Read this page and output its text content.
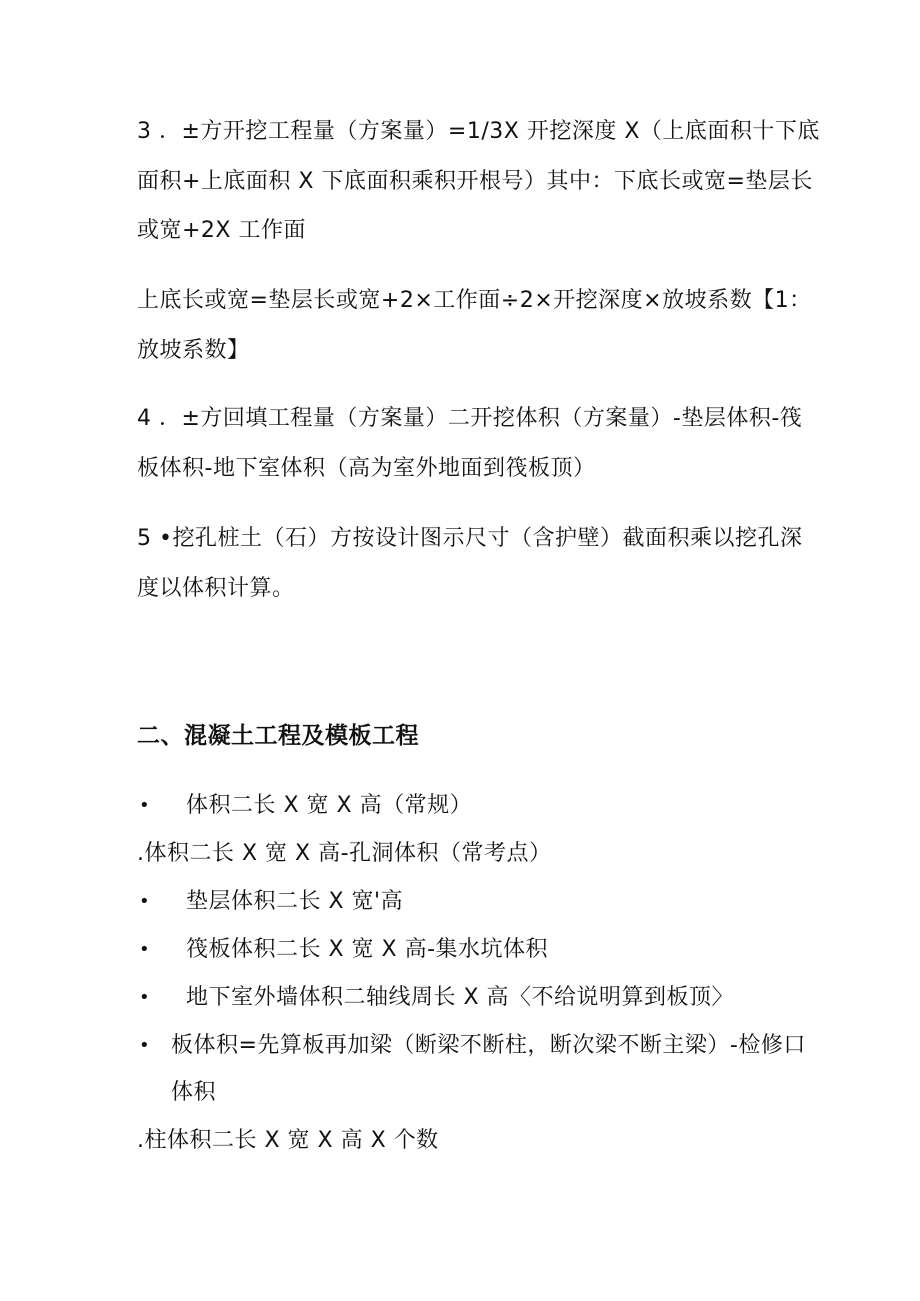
3 ．±方开挖工程量（方案量）=1/3X 开挖深度 X（上底面积十下底

面积+上底面积 X 下底面积乘积开根号）其中：下底长或宽=垫层长

或宽+2X 工作面

上底长或宽=垫层长或宽+2×工作面÷2×开挖深度×放坡系数【1：

放坡系数】

4 ．±方回填工程量（方案量）二开挖体积（方案量）-垫层体积-筏

板体积-地下室体积（高为室外地面到筏板顶）

5 •挖孔桩土（石）方按设计图示尺寸（含护壁）截面积乘以挖孔深

度以体积计算。

二、混凝土工程及模板工程

• 体积二长 X 宽 X 高（常规）

.体积二长 X 宽 X 高-孔洞体积（常考点）

• 垫层体积二长 X 宽'高

• 筏板体积二长 X 宽 X 高-集水坑体积

• 地下室外墙体积二轴线周长 X 高〈不给说明算到板顶〉

• 板体积=先算板再加梁（断梁不断柱，断次梁不断主梁）-检修口

体积

.柱体积二长 X 宽 X 高 X 个数
